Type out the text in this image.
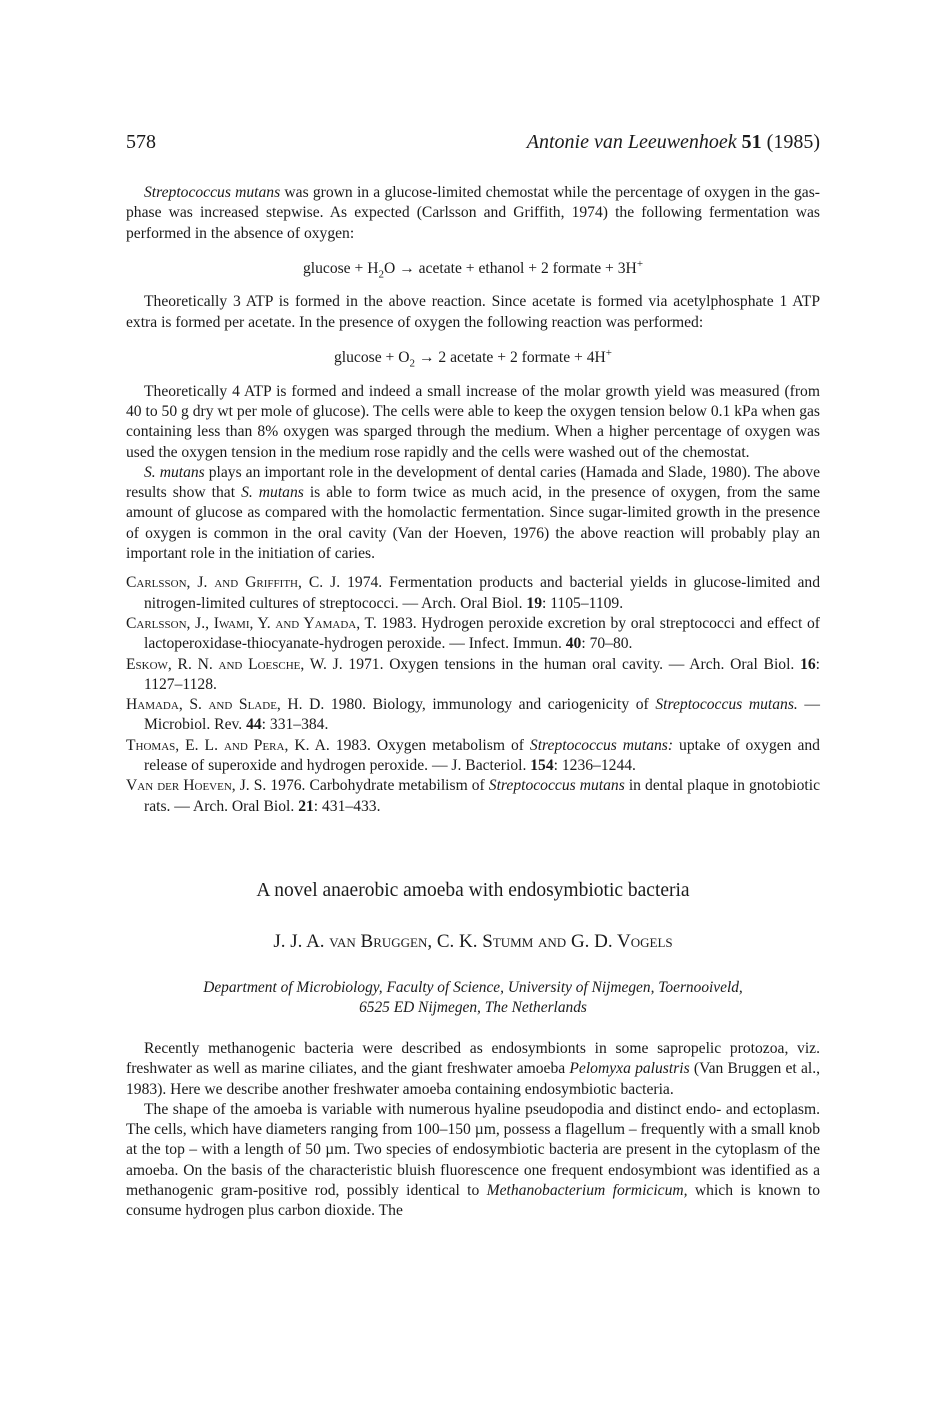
578	Antonie van Leeuwenhoek 51 (1985)

Streptococcus mutans was grown in a glucose-limited chemostat while the percentage of oxygen in the gas-phase was increased stepwise. As expected (Carlsson and Griffith, 1974) the following fermentation was performed in the absence of oxygen:

$glucose + H_2O$ → acetate + ethanol + 2 formate + 3H+

Theoretically 3 ATP is formed in the above reaction. Since acetate is formed via acetylphosphate 1 ATP extra is formed per acetate. In the presence of oxygen the following reaction was performed:

$glucose + O_2 \to 2$ acetate + 2 formate + 4H+

Theoretically 4 ATP is formed and indeed a small increase of the molar growth yield was measured (from 40 to 50 g dry wt per mole of glucose). The cells were able to keep the oxygen tension below 0.1 kPa when gas containing less than 8% oxygen was sparged through the medium. When a higher percentage of oxygen was used the oxygen tension in the medium rose rapidly and the cells were washed out of the chemostat.

S. mutans plays an important role in the development of dental caries (Hamada and Slade, 1980). The above results show that S. mutans is able to form twice as much acid, in the presence of oxygen, from the same amount of glucose as compared with the homolactic fermentation. Since sugar-limited growth in the presence of oxygen is common in the oral cavity (Van der Hoeven, 1976) the above reaction will probably play an important role in the initiation of caries.

Carlsson, J. and Griffith, C. J. 1974. Fermentation products and bacterial yields in glucose-limited and nitrogen-limited cultures of streptococci. — Arch. Oral Biol. 19: 1105–1109.
Carlsson, J., Iwami, Y. and Yamada, T. 1983. Hydrogen peroxide excretion by oral streptococci and effect of lactoperoxidase-thiocyanate-hydrogen peroxide. — Infect. Immun. 40: 70–80.
Eskow, R. N. and Loesche, W. J. 1971. Oxygen tensions in the human oral cavity. — Arch. Oral Biol. 16: 1127–1128.
Hamada, S. and Slade, H. D. 1980. Biology, immunology and cariogenicity of Streptococcus mutans. — Microbiol. Rev. 44: 331–384.
Thomas, E. L. and Pera, K. A. 1983. Oxygen metabolism of Streptococcus mutans: uptake of oxygen and release of superoxide and hydrogen peroxide. — J. Bacteriol. 154: 1236–1244.
Van der Hoeven, J. S. 1976. Carbohydrate metabilism of Streptococcus mutans in dental plaque in gnotobiotic rats. — Arch. Oral Biol. 21: 431–433.
A novel anaerobic amoeba with endosymbiotic bacteria
J. J. A. van Bruggen, C. K. Stumm and G. D. Vogels
Department of Microbiology, Faculty of Science, University of Nijmegen, Toernooiveld,
6525 ED Nijmegen, The Netherlands

Recently methanogenic bacteria were described as endosymbionts in some sapropelic protozoa, viz. freshwater as well as marine ciliates, and the giant freshwater amoeba Pelomyxa palustris (Van Bruggen et al., 1983). Here we describe another freshwater amoeba containing endosymbiotic bacteria.

The shape of the amoeba is variable with numerous hyaline pseudopodia and distinct endo- and ectoplasm. The cells, which have diameters ranging from 100–150 µm, possess a flagellum – frequently with a small knob at the top – with a length of 50 µm. Two species of endosymbiotic bacteria are present in the cytoplasm of the amoeba. On the basis of the characteristic bluish fluorescence one frequent endosymbiont was identified as a methanogenic gram-positive rod, possibly identical to Methanobacterium formicicum, which is known to consume hydrogen plus carbon dioxide. The
